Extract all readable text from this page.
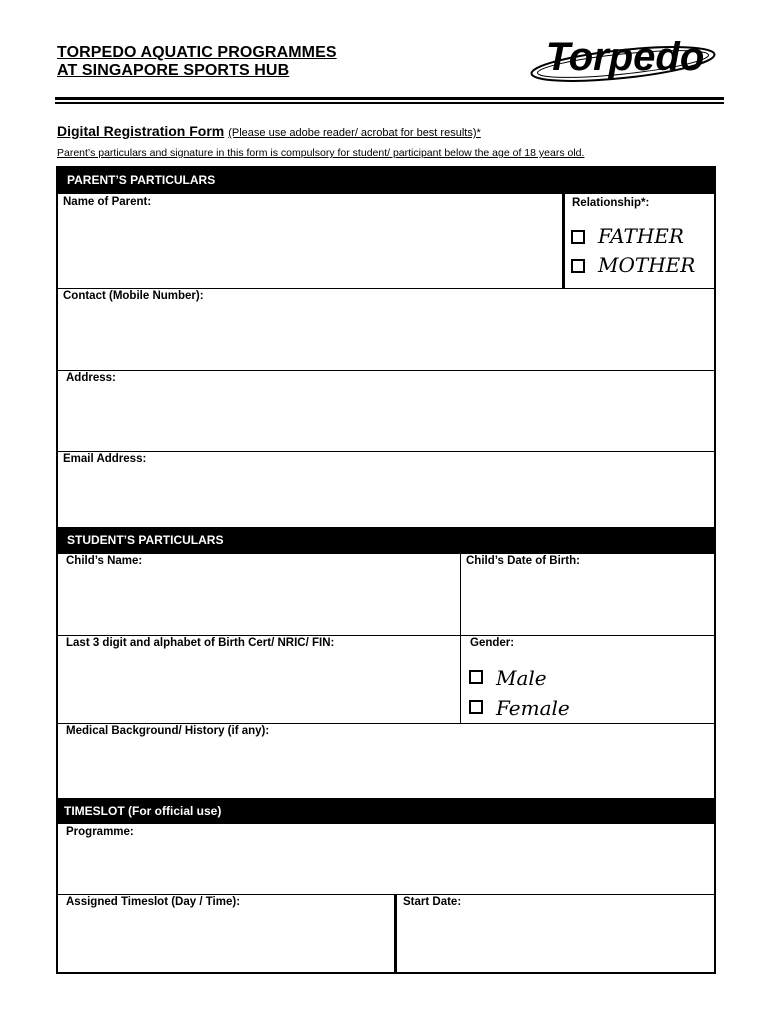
TORPEDO AQUATIC PROGRAMMES
AT SINGAPORE SPORTS HUB	Torpedo
Digital Registration Form (Please use adobe reader/ acrobat for best results)*
Parent’s particulars and signature in this form is compulsory for student/ participant below the age of 18 years old.
PARENT’S PARTICULARS
Name of Parent:	Relationship*:
FATHER
MOTHER
Contact (Mobile Number):
Address:
Email Address:
STUDENT’S PARTICULARS
Child’s Name:	Child’s Date of Birth:
Last 3 digit and alphabet of Birth Cert/ NRIC/ FIN:	Gender:
Male
Female
Medical Background/ History (if any):
TIMESLOT (For official use)
Programme:
Assigned Timeslot (Day / Time):	Start Date:
